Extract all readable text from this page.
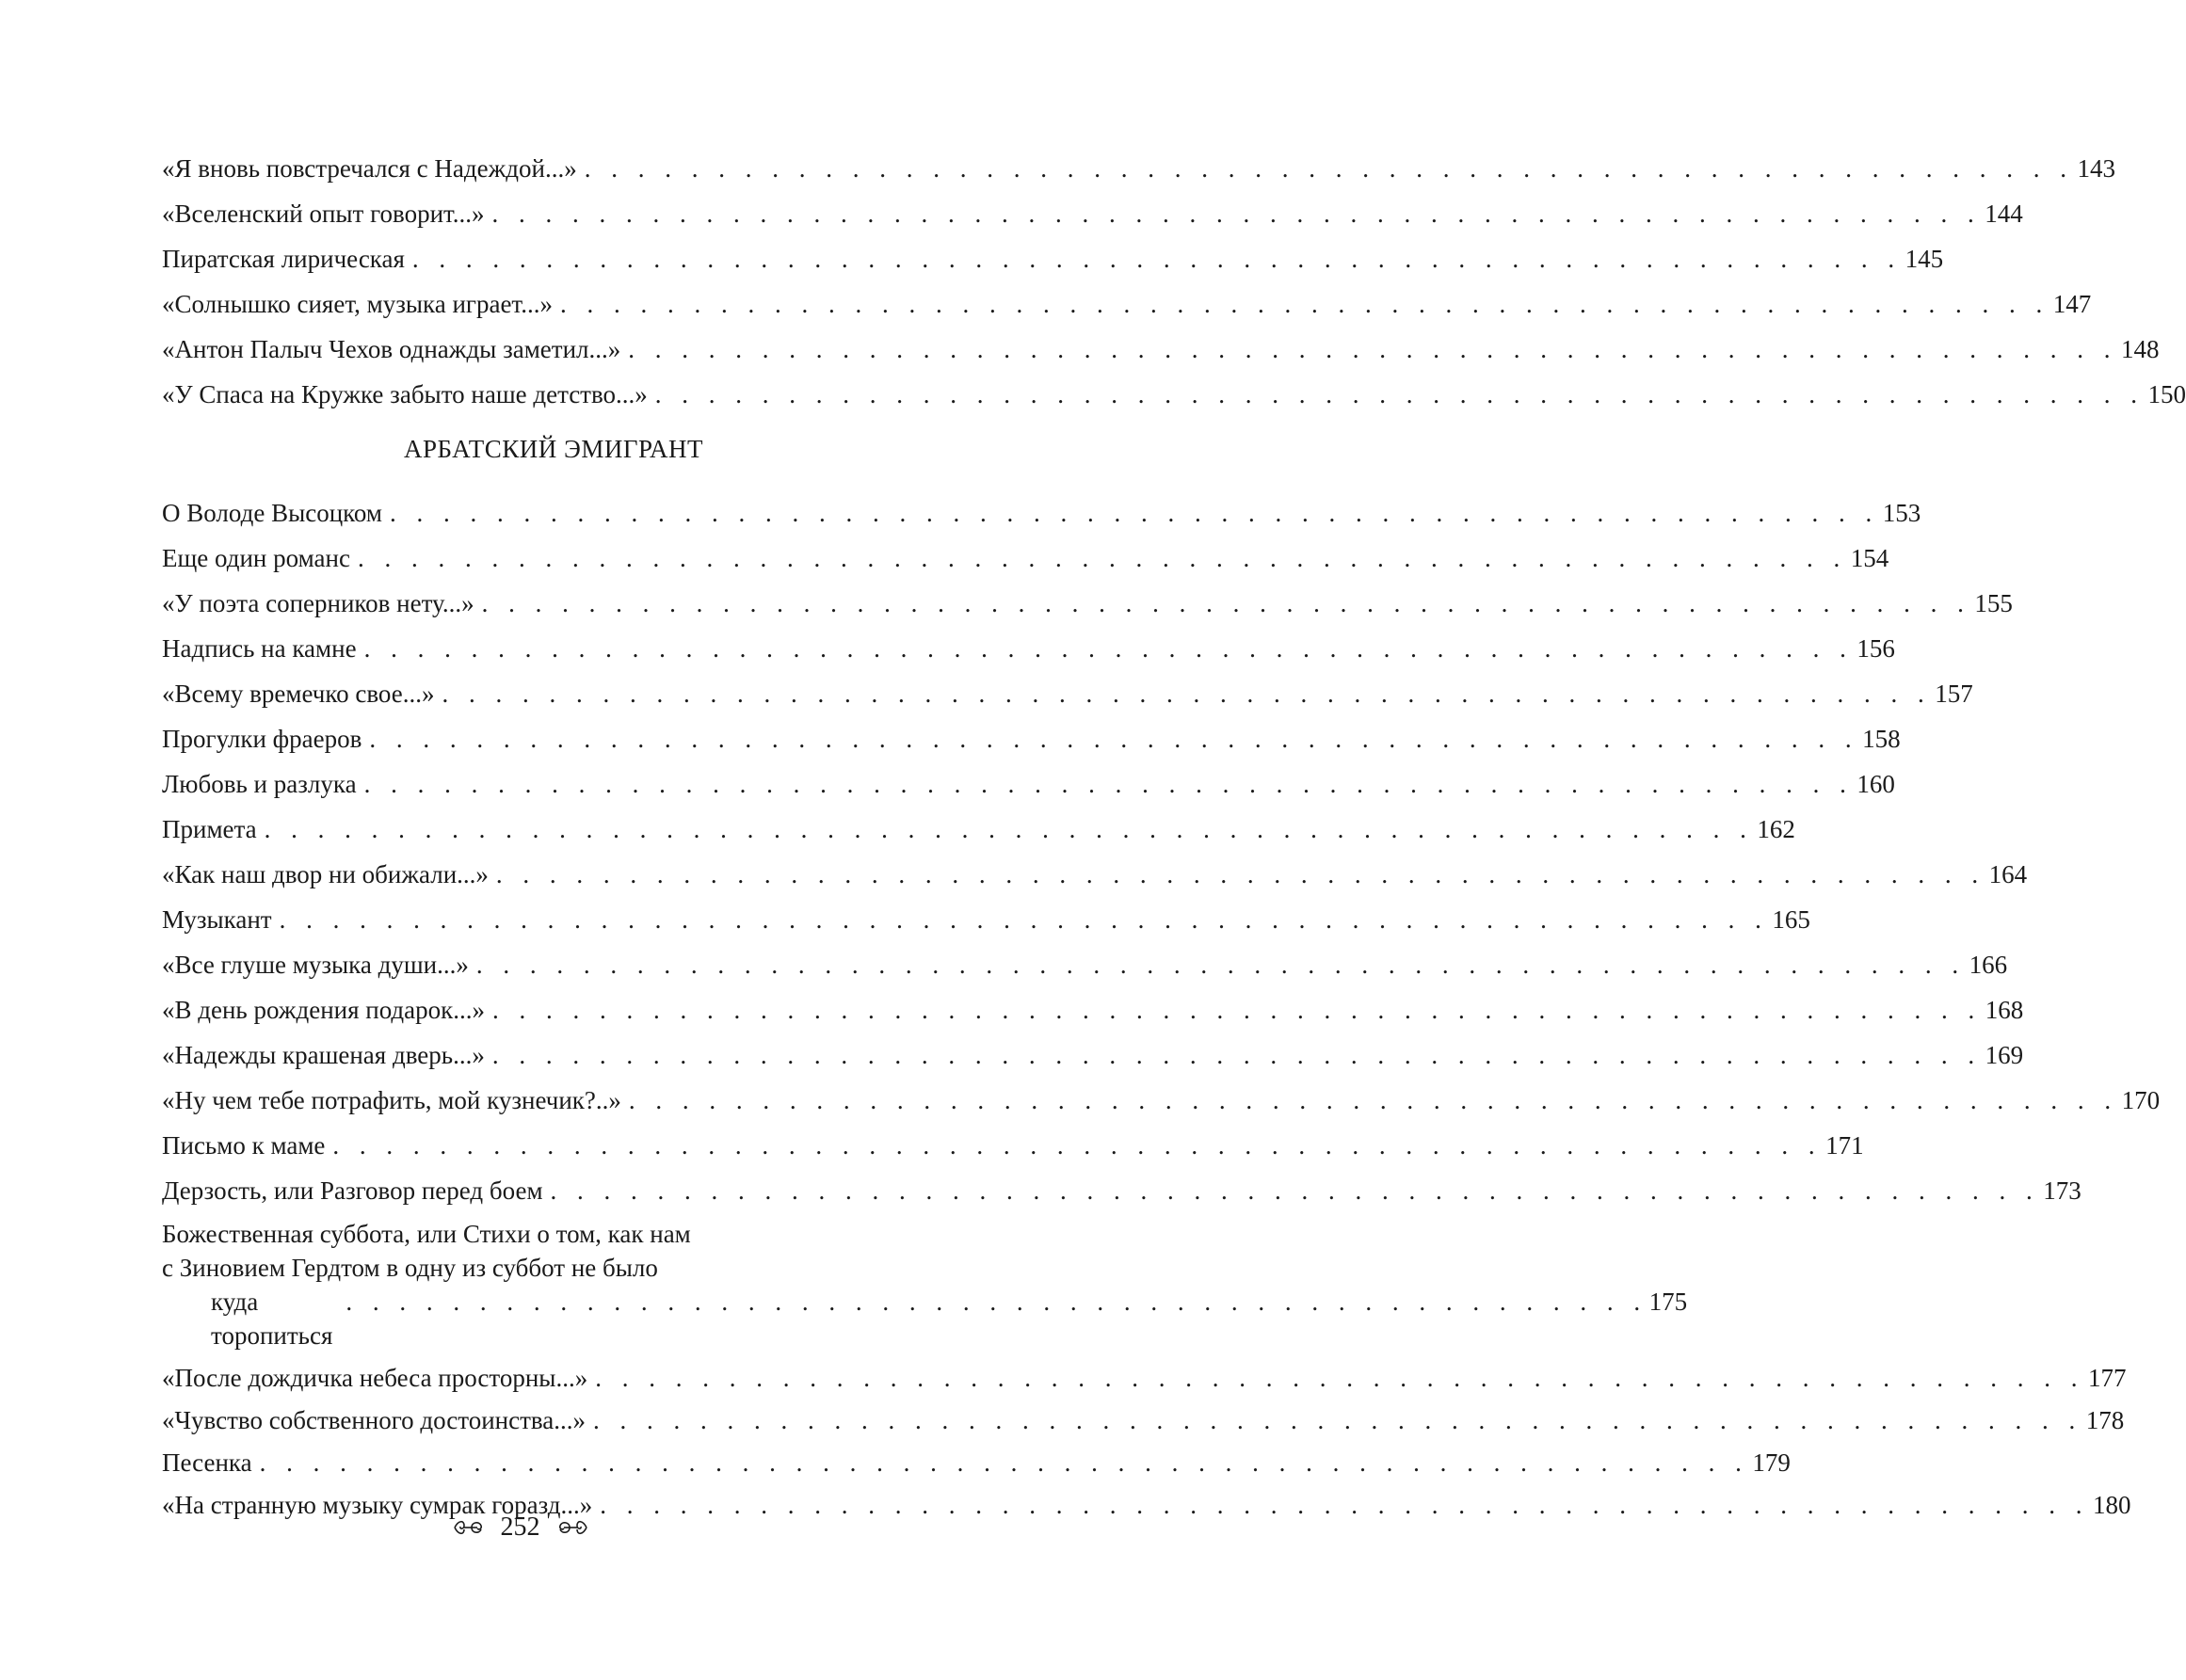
«Я вновь повстречался с Надеждой...» . . . . . . . . . . . . . . . . . . . . . . . . . . . . . . . . . . . . . . . . . . . . . . . . . . . . . . . . 143
«Вселенский опыт говорит...» . . . . . . . . . . . . . . . . . . . . . . . . . . . . . . . . . . . . . . . . . . . . . . . . . . . . . . . . 144
Пиратская лирическая . . . . . . . . . . . . . . . . . . . . . . . . . . . . . . . . . . . . . . . . . . . . . . . . . . . . . . . . 145
«Солнышко сияет, музыка играет...» . . . . . . . . . . . . . . . . . . . . . . . . . . . . . . . . . . . . . . . . . . . . . . . . . . . . . . . . 147
«Антон Палыч Чехов однажды заметил...» . . . . . . . . . . . . . . . . . . . . . . . . . . . . . . . . . . . . . . . . . . . . . . . . . . . . . . . . 148
«У Спаса на Кружке забыто наше детство...» . . . . . . . . . . . . . . . . . . . . . . . . . . . . . . . . . . . . . . . . . . . . . . . . . . . . . . . . 150
АРБАТСКИЙ ЭМИГРАНТ
О Володе Высоцком . . . . . . . . . . . . . . . . . . . . . . . . . . . . . . . . . . . . . . . . . . . . . . . . . . . . . . . . 153
Еще один романс . . . . . . . . . . . . . . . . . . . . . . . . . . . . . . . . . . . . . . . . . . . . . . . . . . . . . . . . 154
«У поэта соперников нету...» . . . . . . . . . . . . . . . . . . . . . . . . . . . . . . . . . . . . . . . . . . . . . . . . . . . . . . . . 155
Надпись на камне . . . . . . . . . . . . . . . . . . . . . . . . . . . . . . . . . . . . . . . . . . . . . . . . . . . . . . . . 156
«Всему времечко свое...» . . . . . . . . . . . . . . . . . . . . . . . . . . . . . . . . . . . . . . . . . . . . . . . . . . . . . . . . 157
Прогулки фраеров . . . . . . . . . . . . . . . . . . . . . . . . . . . . . . . . . . . . . . . . . . . . . . . . . . . . . . . . 158
Любовь и разлука . . . . . . . . . . . . . . . . . . . . . . . . . . . . . . . . . . . . . . . . . . . . . . . . . . . . . . . . 160
Примета . . . . . . . . . . . . . . . . . . . . . . . . . . . . . . . . . . . . . . . . . . . . . . . . . . . . . . . . 162
«Как наш двор ни обижали...» . . . . . . . . . . . . . . . . . . . . . . . . . . . . . . . . . . . . . . . . . . . . . . . . . . . . . . . . 164
Музыкант . . . . . . . . . . . . . . . . . . . . . . . . . . . . . . . . . . . . . . . . . . . . . . . . . . . . . . . . 165
«Все глуше музыка души...» . . . . . . . . . . . . . . . . . . . . . . . . . . . . . . . . . . . . . . . . . . . . . . . . . . . . . . . . 166
«В день рождения подарок...» . . . . . . . . . . . . . . . . . . . . . . . . . . . . . . . . . . . . . . . . . . . . . . . . . . . . . . . . 168
«Надежды крашеная дверь...» . . . . . . . . . . . . . . . . . . . . . . . . . . . . . . . . . . . . . . . . . . . . . . . . . . . . . . . . 169
«Ну чем тебе потрафить, мой кузнечик?..» . . . . . . . . . . . . . . . . . . . . . . . . . . . . . . . . . . . . . . . . . . . . . . . . . . . . . . . . 170
Письмо к маме . . . . . . . . . . . . . . . . . . . . . . . . . . . . . . . . . . . . . . . . . . . . . . . . . . . . . . . . 171
Дерзость, или Разговор перед боем . . . . . . . . . . . . . . . . . . . . . . . . . . . . . . . . . . . . . . . . . . . . . . . . . . . . . . . . 173
Божественная суббота, или Стихи о том, как нам
с Зиновием Гердтом в одну из суббот не было
куда торопиться
. . . . . . . . . . . . . . . . . . . . . . . . . . . . . . . . . . . . . . . . . . . . . . . . . 175
«После дождичка небеса просторны...» . . . . . . . . . . . . . . . . . . . . . . . . . . . . . . . . . . . . . . . . . . . . . . . . . . . . . . . . 177
«Чувство собственного достоинства...» . . . . . . . . . . . . . . . . . . . . . . . . . . . . . . . . . . . . . . . . . . . . . . . . . . . . . . . . 178
Песенка . . . . . . . . . . . . . . . . . . . . . . . . . . . . . . . . . . . . . . . . . . . . . . . . . . . . . . . . 179
«На странную музыку сумрак горазд...» . . . . . . . . . . . . . . . . . . . . . . . . . . . . . . . . . . . . . . . . . . . . . . . . . . . . . . . . 180
252
